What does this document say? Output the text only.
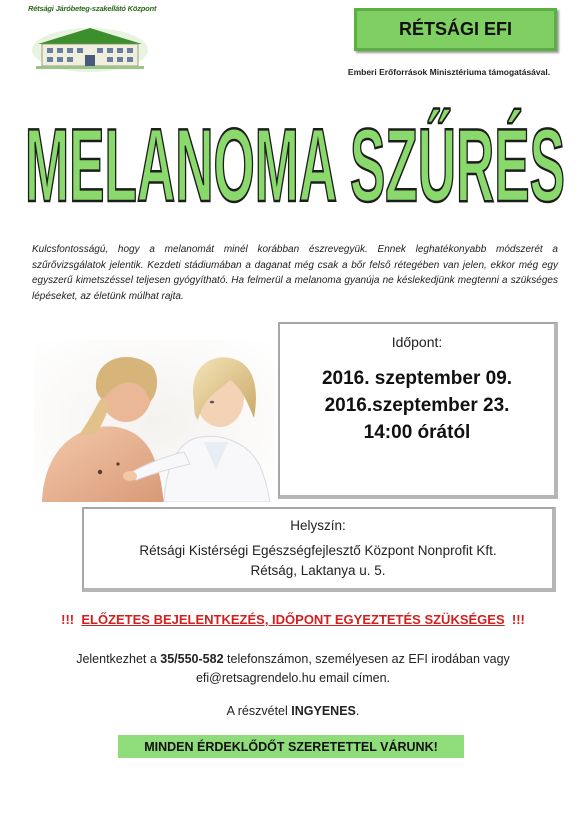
Rétsági Járóbeteg-szakellátó Központ
RÉTSÁGI EFI
Emberi Erőforrások Minisztériuma támogatásával.
MELANOMA SZŰRÉS
Kulcsfontosságú, hogy a melanomát minél korábban észrevegyük. Ennek leghatékonyabb módszerét a szűrővizsgálatok jelentik. Kezdeti stádiumában a daganat még csak a bőr felső rétegében van jelen, ekkor még egy egyszerű kimetszéssel teljesen gyógyítható. Ha felmerül a melanoma gyanúja ne késlekedjünk megtenni a szükséges lépéseket, az életünk múlhat rajta.
Időpont:
2016. szeptember 09.
2016.szeptember 23.
14:00 órától
Helyszín:
Rétsági Kistérségi Egészségfejlesztő Központ Nonprofit Kft.
Rétság, Laktanya u. 5.
!!! ELŐZETES BEJELENTKEZÉS, IDŐPONT EGYEZTETÉS SZÜKSÉGES !!!
Jelentkezhet a 35/550-582 telefonszámon, személyesen az EFI irodában vagy
efi@retsagrendelo.hu email címen.
A részvétel INGYENES.
MINDEN ÉRDEKLŐDŐT SZERETETTEL VÁRUNK!
